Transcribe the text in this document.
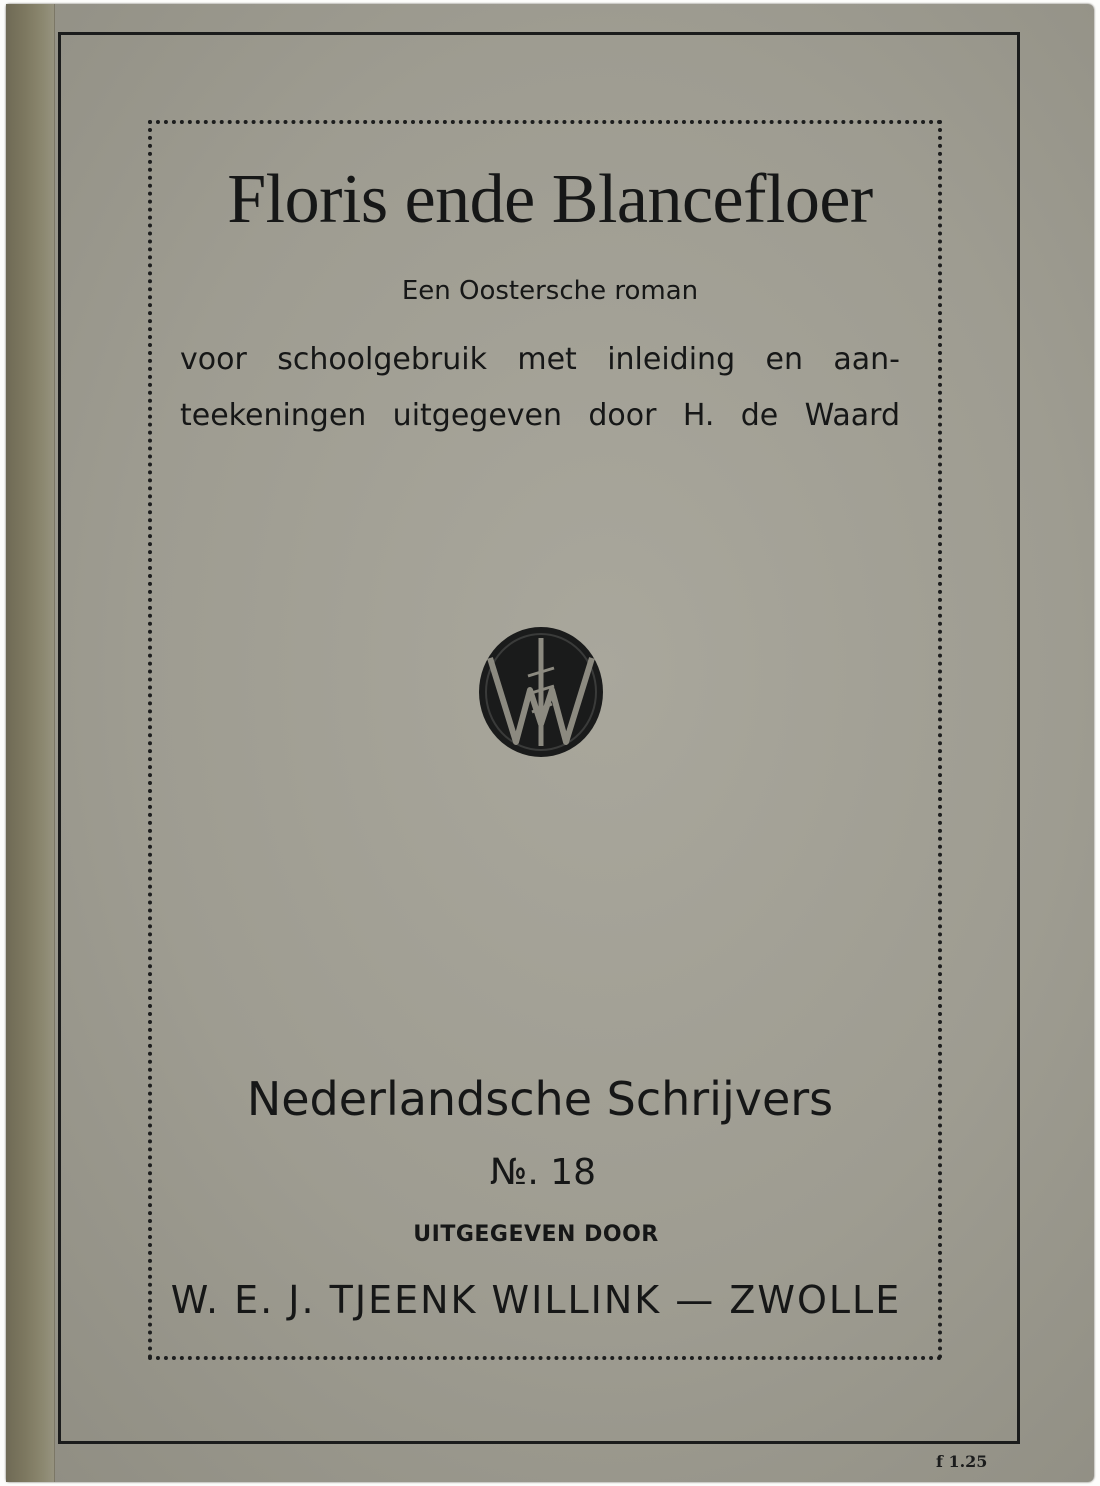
Floris ende Blancefloer

Een Oostersche roman

voor schoolgebruik met inleiding en aan-

teekeningen uitgegeven door H. de Waard

Nederlandsche Schrijvers

№. 18

UITGEGEVEN DOOR

W. E. J. TJEENK WILLINK — ZWOLLE

f 1.25
